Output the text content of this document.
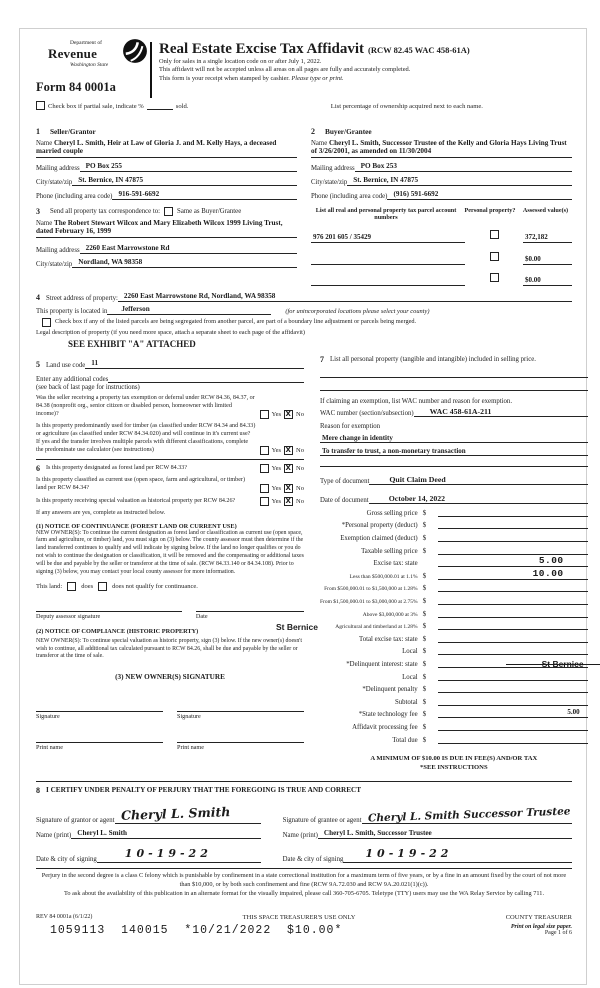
Department of
Revenue
Washington State
Form 84 0001a
Real Estate Excise Tax Affidavit (RCW 82.45 WAC 458-61A)
Only for sales in a single location code on or after July 1, 2022.
This affidavit will not be accepted unless all areas on all pages are fully and accurately completed.
This form is your receipt when stamped by cashier. Please type or print.
Check box if partial sale, indicate %	sold.	List percentage of ownership acquired next to each name.
1 Seller/Grantor
Name Cheryl L. Smith, Heir at Law of Gloria J. and M. Kelly Hays, a deceased married couple
Mailing address PO Box 255
City/state/zip St. Bernice, IN 47875
Phone (including area code) 916-591-6692
2 Buyer/Grantee
Name Cheryl L. Smith, Successor Trustee of the Kelly and Gloria Hays Living Trust of 3/26/2001, as amended on 11/30/2004
Mailing address PO Box 253
City/state/zip St. Bernice, IN 47875
Phone (including area code) (916) 591-6692
3 Send all property tax correspondence to:	Same as Buyer/Grantee
Name The Robert Stewart Wilcox and Mary Elizabeth Wilcox 1999 Living Trust, dated February 16, 1999
Mailing address 2260 East Marrowstone Rd
City/state/zip Nordland, WA 98358
List all real and personal property tax parcel account numbers
Personal property?	Assessed value(s)
976 201 605 / 35429	372,182
$0.00
$0.00
4 Street address of property: 2260 East Marrowstone Rd, Nordland, WA 98358
This property is located in	Jefferson	(for unincorporated locations please select your county)
Check box if any of the listed parcels are being segregated from another parcel, are part of a boundary line adjustment or parcels being merged.
Legal description of property (if you need more space, attach a separate sheet to each page of the affidavit)
SEE EXHIBIT "A" ATTACHED
5 Land use code 11
Enter any additional codes
(see back of last page for instructions)
Was the seller receiving a property tax exemption or deferral under RCW 84.36, 84.37, or 84.38 (nonprofit org., senior citizen or disabled person, homeowner with limited income)?	Yes X No
Is this property predominantly used for timber (as classified under RCW 84.34 and 84.33) or agriculture (as classified under RCW 84.34.020) and will continue in it's current use? If yes and the transfer involves multiple parcels with different classifications, complete the predominate use calculator (see instructions)	Yes X No
6 Is this property designated as forest land per RCW 84.33?	Yes X No
Is this property classified as current use (open space, farm and agricultural, or timber) land per RCW 84.34?	Yes X No
Is this property receiving special valuation as historical property per RCW 84.26?	Yes X No
If any answers are yes, complete as instructed below.
(1) NOTICE OF CONTINUANCE (FOREST LAND OR CURRENT USE)
NEW OWNER(S): To continue the current designation as forest land or classification as current use (open space, farm and agriculture, or timber) land, you must sign on (3) below. The county assessor must then determine if the land transferred continues to qualify and will indicate by signing below. If the land no longer qualifies or you do not wish to continue the designation or classification, it will be removed and the compensating or additional taxes will be due and payable by the seller or transferor at the time of sale. (RCW 84.33.140 or 84.34.108). Prior to signing (3) below, you may contact your local county assessor for more information.
This land:	does	does not qualify for continuance.
Deputy assessor signature	Date
(2) NOTICE OF COMPLIANCE (HISTORIC PROPERTY)	St Bernice
NEW OWNER(S): To continue special valuation as historic property, sign (3) below. If the new owner(s) doesn't wish to continue, all additional tax calculated pursuant to RCW 84.26, shall be due and payable by the seller or transferor at the time of sale.
(3) NEW OWNER(S) SIGNATURE
Signature	Signature
Print name	Print name
7 List all personal property (tangible and intangible) included in selling price.
If claiming an exemption, list WAC number and reason for exemption.
WAC number (section/subsection)	WAC 458-61A-211
Reason for exemption
Mere change in identity
To transfer to trust, a non-monetary transaction
Type of document	Quit Claim Deed
Date of document	October 14, 2022
Gross selling price $
*Personal property (deduct) $
Exemption claimed (deduct) $
Taxable selling price $
Excise tax: state	5.00
Less than $500,000.01 at 1.1% $	10.00
From $500,000.01 to $1,500,000 at 1.28% $
From $1,500,000.01 to $3,000,000 at 2.75% $
Above $3,000,000 at 3% $
Agricultural and timberland at 1.28% $
Total excise tax: state $
Local $
*Delinquent interest: state $	St Bernice
Local $
*Delinquent penalty $
Subtotal $
*State technology fee $	5.00
Affidavit processing fee $
Total due $
A MINIMUM OF $10.00 IS DUE IN FEE(S) AND/OR TAX
*SEE INSTRUCTIONS
8 I CERTIFY UNDER PENALTY OF PERJURY THAT THE FOREGOING IS TRUE AND CORRECT
Signature of grantor or agent Cheryl L. Smith
Name (print) Cheryl L. Smith
Date & city of signing	10-19-22
Signature of grantee or agent Cheryl L. Smith Successor Trustee
Name (print) Cheryl L. Smith, Successor Trustee
Date & city of signing	10-19-22
Perjury in the second degree is a class C felony which is punishable by confinement in a state correctional institution for a maximum term of five years, or by a fine in an amount fixed by the court of not more than $10,000, or by both such confinement and fine (RCW 9A.72.030 and RCW 9A.20.021(1)(c)).
To ask about the availability of this publication in an alternate format for the visually impaired, please call 360-705-6705. Teletype (TTY) users may use the WA Relay Service by calling 711.
REV 84 0001a (6/1/22)	THIS SPACE TREASURER'S USE ONLY	COUNTY TREASURER
1059113  140015  *10/21/2022  $10.00*	Print on legal size paper.
Page 1 of 6
